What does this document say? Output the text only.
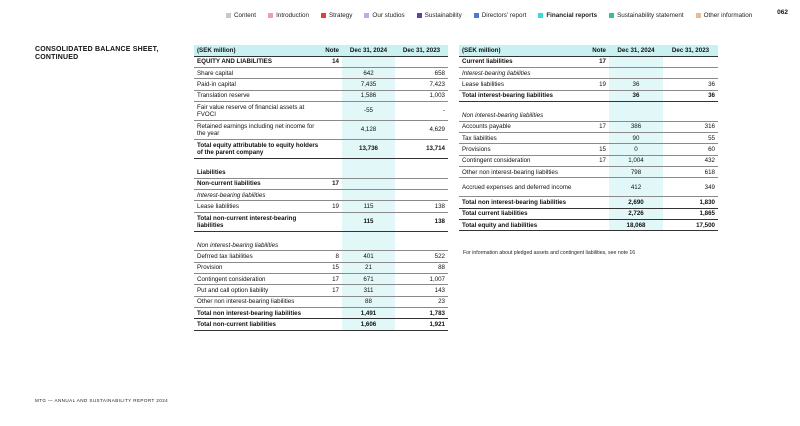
Content	Introduction	Strategy	Our studios	Sustainability	Directors' report	Financial reports	Sustainability statement	Other information	062
CONSOLIDATED BALANCE SHEET, CONTINUED
(SEK million)	Note	Dec 31, 2024	Dec 31, 2023
EQUITY AND LIABILITIES	14		
Share capital		642	658
Paid-in capital		7,435	7,423
Translation reserve		1,586	1,003
Fair value reserve of financial assets at FVOCI		-55	-
Retained earnings including net income for the year		4,128	4,629
Total equity attributable to equity holders of the parent company		13,736	13,714

Liabilities			
Non-current liabilities	17		
Interest-bearing liabilities			
Lease liabilities	19	115	138
Total non-current interest-bearing liabilities		115	138

Non interest-bearing liabilities			
Defrred tax liabilities	8	401	522
Provision	15	21	88
Contingent consideration	17	671	1,007
Put and call option liability	17	311	143
Other non interest-bearing liabilities		88	23
Total non interest-bearing liabilities		1,491	1,783
Total non-current liabilities		1,606	1,921
(SEK million)	Note	Dec 31, 2024	Dec 31, 2023
Current liabilities	17		
Interest-bearing liabilities			
Lease liabilities	19	36	36
Total interest-bearing liabilities		36	36

Non interest-bearing liabilities			
Accounts payable	17	386	316
Tax liabilities		90	55
Provisions	15	0	60
Contingent consideration	17	1,004	432
Other non interest-bearing liabilties		798	618
Accrued expenses and deferred income		412	349
Total non interest-bearing liabilities		2,690	1,830
Total current liabilities		2,726	1,865
Total equity and liabilities		18,068	17,500
For information about pledged assets and contingent liabilities, see note 16
MTG — ANNUAL AND SUSTAINABILITY REPORT 2024
